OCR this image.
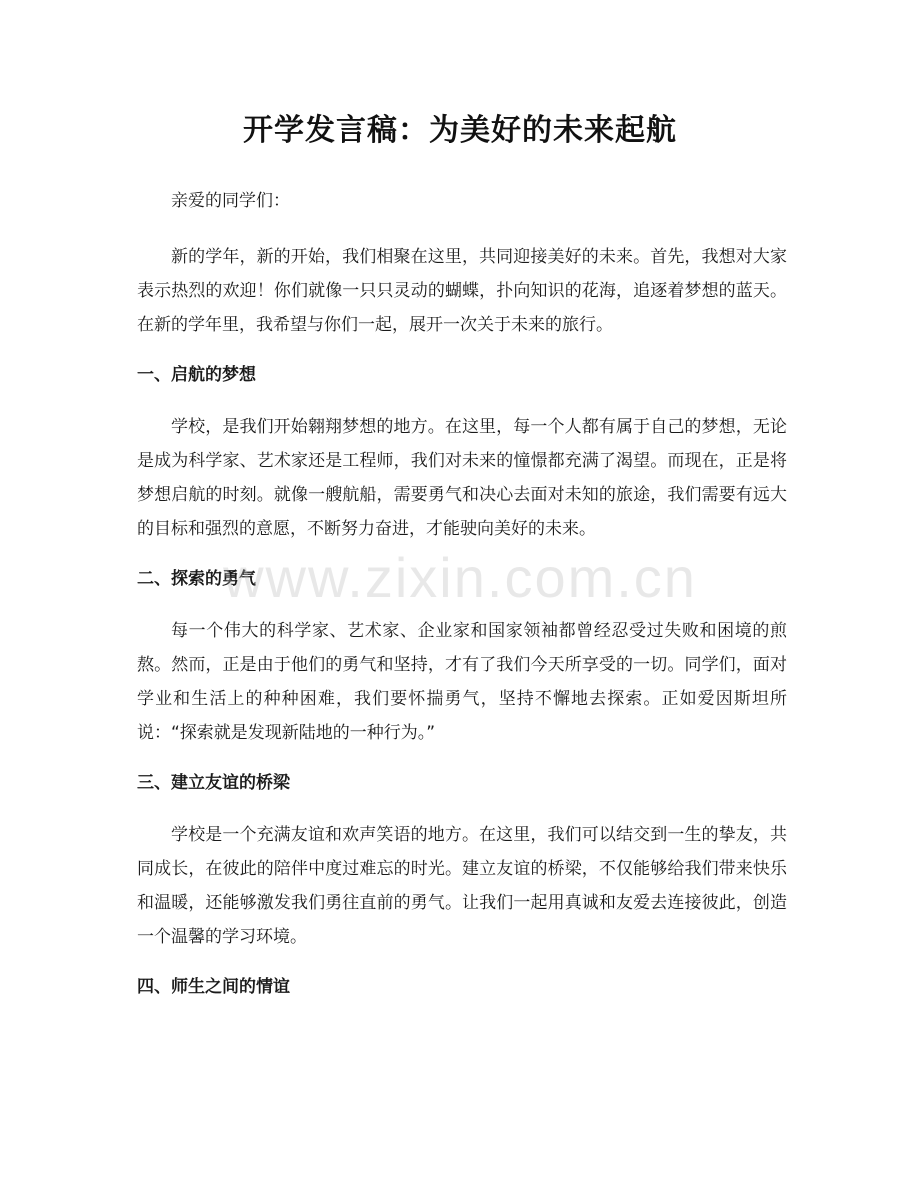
开学发言稿：为美好的未来起航

亲爱的同学们：

新的学年，新的开始，我们相聚在这里，共同迎接美好的未来。首先，我想对大家表示热烈的欢迎！你们就像一只只灵动的蝴蝶，扑向知识的花海，追逐着梦想的蓝天。在新的学年里，我希望与你们一起，展开一次关于未来的旅行。

一、启航的梦想

学校，是我们开始翱翔梦想的地方。在这里，每一个人都有属于自己的梦想，无论是成为科学家、艺术家还是工程师，我们对未来的憧憬都充满了渴望。而现在，正是将梦想启航的时刻。就像一艘航船，需要勇气和决心去面对未知的旅途，我们需要有远大的目标和强烈的意愿，不断努力奋进，才能驶向美好的未来。

二、探索的勇气

每一个伟大的科学家、艺术家、企业家和国家领袖都曾经忍受过失败和困境的煎熬。然而，正是由于他们的勇气和坚持，才有了我们今天所享受的一切。同学们，面对学业和生活上的种种困难，我们要怀揣勇气，坚持不懈地去探索。正如爱因斯坦所说：“探索就是发现新陆地的一种行为。”

三、建立友谊的桥梁

学校是一个充满友谊和欢声笑语的地方。在这里，我们可以结交到一生的挚友，共同成长，在彼此的陪伴中度过难忘的时光。建立友谊的桥梁，不仅能够给我们带来快乐和温暖，还能够激发我们勇往直前的勇气。让我们一起用真诚和友爱去连接彼此，创造一个温馨的学习环境。

四、师生之间的情谊
www.zixin.com.cn
